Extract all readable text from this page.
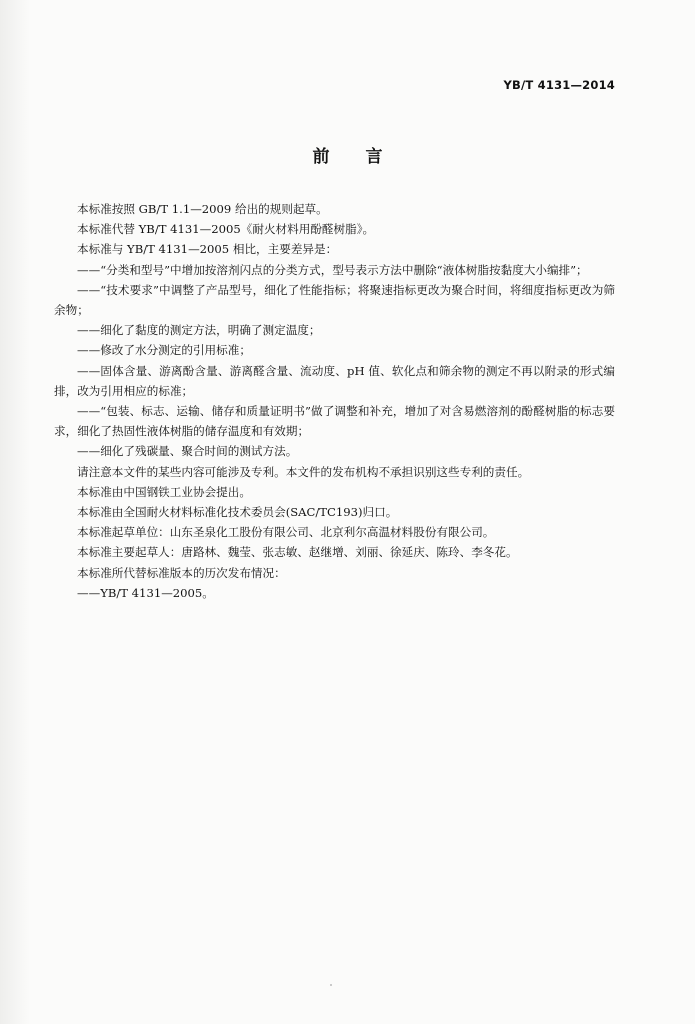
YB/T 4131—2014
前言

本标准按照 GB/T 1.1—2009 给出的规则起草。

本标准代替 YB/T 4131—2005《耐火材料用酚醛树脂》。

本标准与 YB/T 4131—2005 相比，主要差异是：

——“分类和型号”中增加按溶剂闪点的分类方式，型号表示方法中删除“液体树脂按黏度大小编排”；

——“技术要求”中调整了产品型号，细化了性能指标；将聚速指标更改为聚合时间，将细度指标更改为筛余物；

——细化了黏度的测定方法，明确了测定温度；

——修改了水分测定的引用标准；

——固体含量、游离酚含量、游离醛含量、流动度、pH 值、软化点和筛余物的测定不再以附录的形式编排，改为引用相应的标准；

——“包装、标志、运输、储存和质量证明书”做了调整和补充，增加了对含易燃溶剂的酚醛树脂的标志要求，细化了热固性液体树脂的储存温度和有效期；

——细化了残碳量、聚合时间的测试方法。

请注意本文件的某些内容可能涉及专利。本文件的发布机构不承担识别这些专利的责任。

本标准由中国钢铁工业协会提出。

本标准由全国耐火材料标准化技术委员会(SAC/TC193)归口。

本标准起草单位：山东圣泉化工股份有限公司、北京利尔高温材料股份有限公司。

本标准主要起草人：唐路林、魏莹、张志敏、赵继增、刘丽、徐延庆、陈玲、李冬花。

本标准所代替标准版本的历次发布情况：

——YB/T 4131—2005。
